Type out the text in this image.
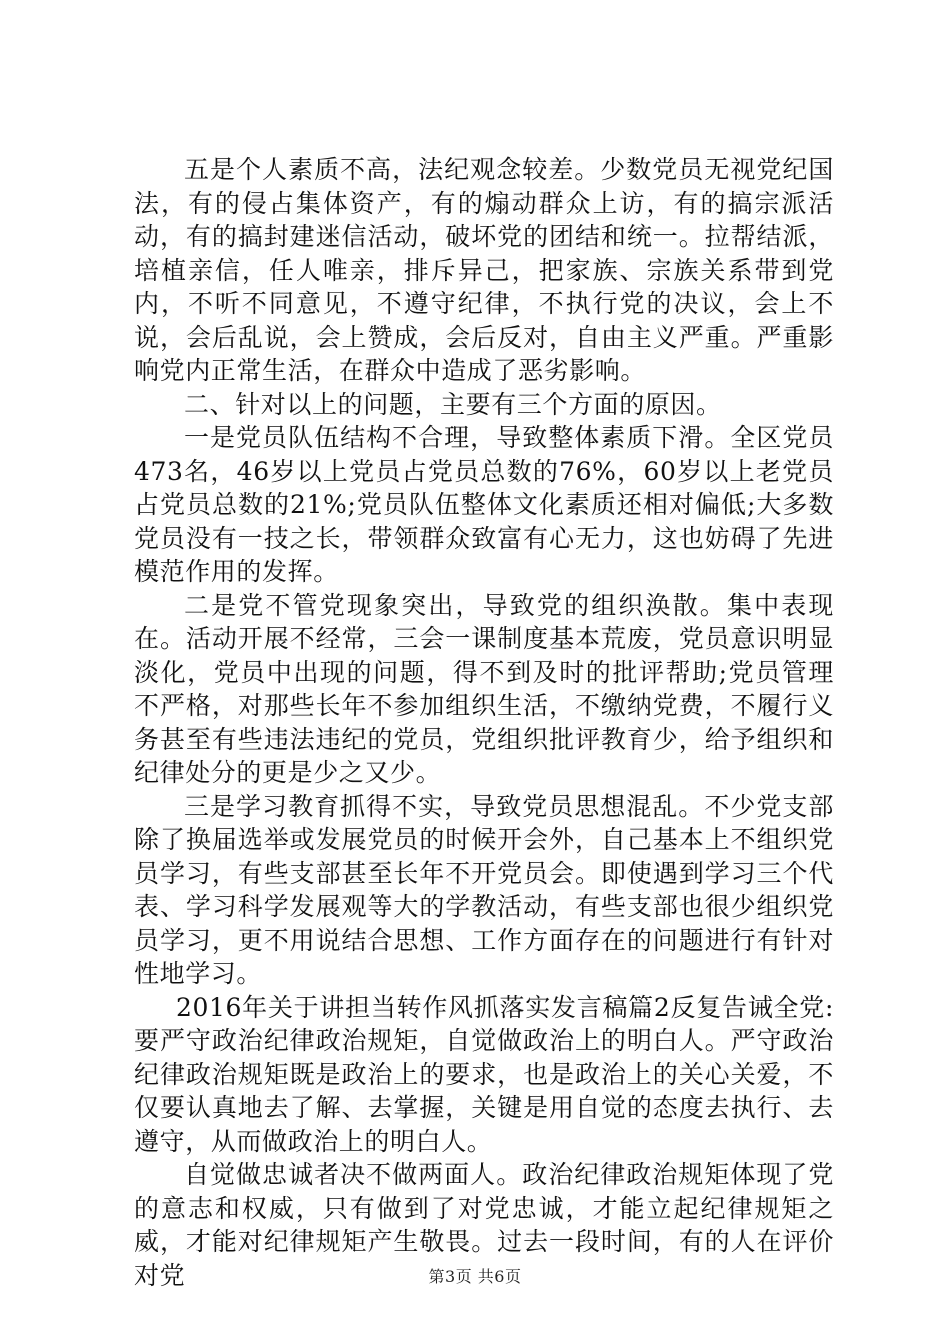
五是个人素质不高，法纪观念较差。少数党员无视党纪国法，有的侵占集体资产，有的煽动群众上访，有的搞宗派活动，有的搞封建迷信活动，破坏党的团结和统一。拉帮结派，培植亲信，任人唯亲，排斥异己，把家族、宗族关系带到党内，不听不同意见，不遵守纪律，不执行党的决议，会上不说，会后乱说，会上赞成，会后反对，自由主义严重。严重影响党内正常生活，在群众中造成了恶劣影响。

二、针对以上的问题，主要有三个方面的原因。

一是党员队伍结构不合理，导致整体素质下滑。全区党员473名，46岁以上党员占党员总数的76%，60岁以上老党员占党员总数的21%;党员队伍整体文化素质还相对偏低;大多数党员没有一技之长，带领群众致富有心无力，这也妨碍了先进模范作用的发挥。

二是党不管党现象突出，导致党的组织涣散。集中表现在。活动开展不经常，三会一课制度基本荒废，党员意识明显淡化，党员中出现的问题，得不到及时的批评帮助;党员管理不严格，对那些长年不参加组织生活，不缴纳党费，不履行义务甚至有些违法违纪的党员，党组织批评教育少，给予组织和纪律处分的更是少之又少。

三是学习教育抓得不实，导致党员思想混乱。不少党支部除了换届选举或发展党员的时候开会外，自己基本上不组织党员学习，有些支部甚至长年不开党员会。即使遇到学习三个代表、学习科学发展观等大的学教活动，有些支部也很少组织党员学习，更不用说结合思想、工作方面存在的问题进行有针对性地学习。

2016年关于讲担当转作风抓落实发言稿篇2反复告诫全党:要严守政治纪律政治规矩，自觉做政治上的明白人。严守政治纪律政治规矩既是政治上的要求，也是政治上的关心关爱，不仅要认真地去了解、去掌握，关键是用自觉的态度去执行、去遵守，从而做政治上的明白人。

自觉做忠诚者决不做两面人。政治纪律政治规矩体现了党的意志和权威，只有做到了对党忠诚，才能立起纪律规矩之威，才能对纪律规矩产生敬畏。过去一段时间，有的人在评价对党	第3页 共6页
